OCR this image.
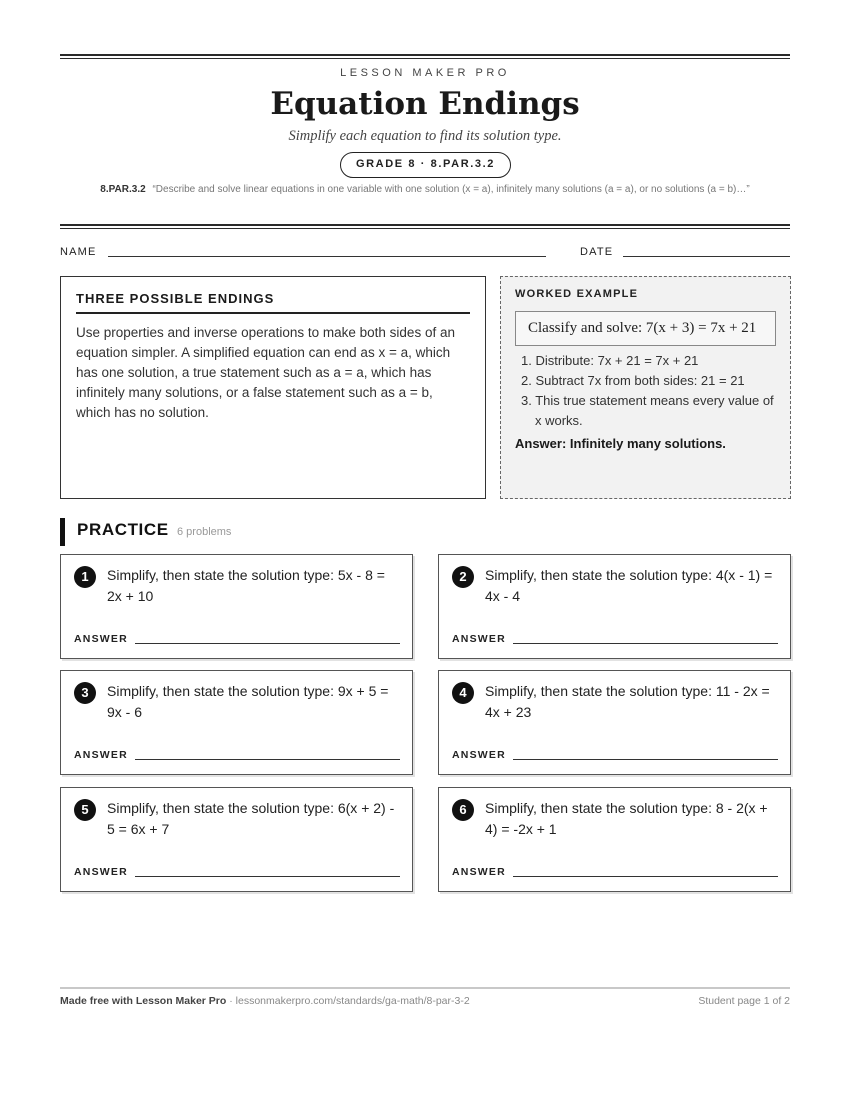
LESSON MAKER PRO
Equation Endings
Simplify each equation to find its solution type.
GRADE 8 · 8.PAR.3.2
8.PAR.3.2 “Describe and solve linear equations in one variable with one solution (x = a), infinitely many solutions (a = a), or no solutions (a = b)…”
NAME	DATE
THREE POSSIBLE ENDINGS

Use properties and inverse operations to make both sides of an equation simpler. A simplified equation can end as x = a, which has one solution, a true statement such as a = a, which has infinitely many solutions, or a false statement such as a = b, which has no solution.

WORKED EXAMPLE
Classify and solve: 7(x + 3) = 7x + 21
1. Distribute: 7x + 21 = 7x + 21
2. Subtract 7x from both sides: 21 = 21
3. This true statement means every value of x works.
Answer: Infinitely many solutions.
PRACTICE 6 problems
1	Simplify, then state the solution type: 5x - 8 = 2x + 10
ANSWER
2	Simplify, then state the solution type: 4(x - 1) = 4x - 4
ANSWER
3	Simplify, then state the solution type: 9x + 5 = 9x - 6
ANSWER
4	Simplify, then state the solution type: 11 - 2x = 4x + 23
ANSWER
5	Simplify, then state the solution type: 6(x + 2) - 5 = 6x + 7
ANSWER
6	Simplify, then state the solution type: 8 - 2(x + 4) = -2x + 1
ANSWER
Made free with Lesson Maker Pro · lessonmakerpro.com/standards/ga-math/8-par-3-2	Student page 1 of 2
